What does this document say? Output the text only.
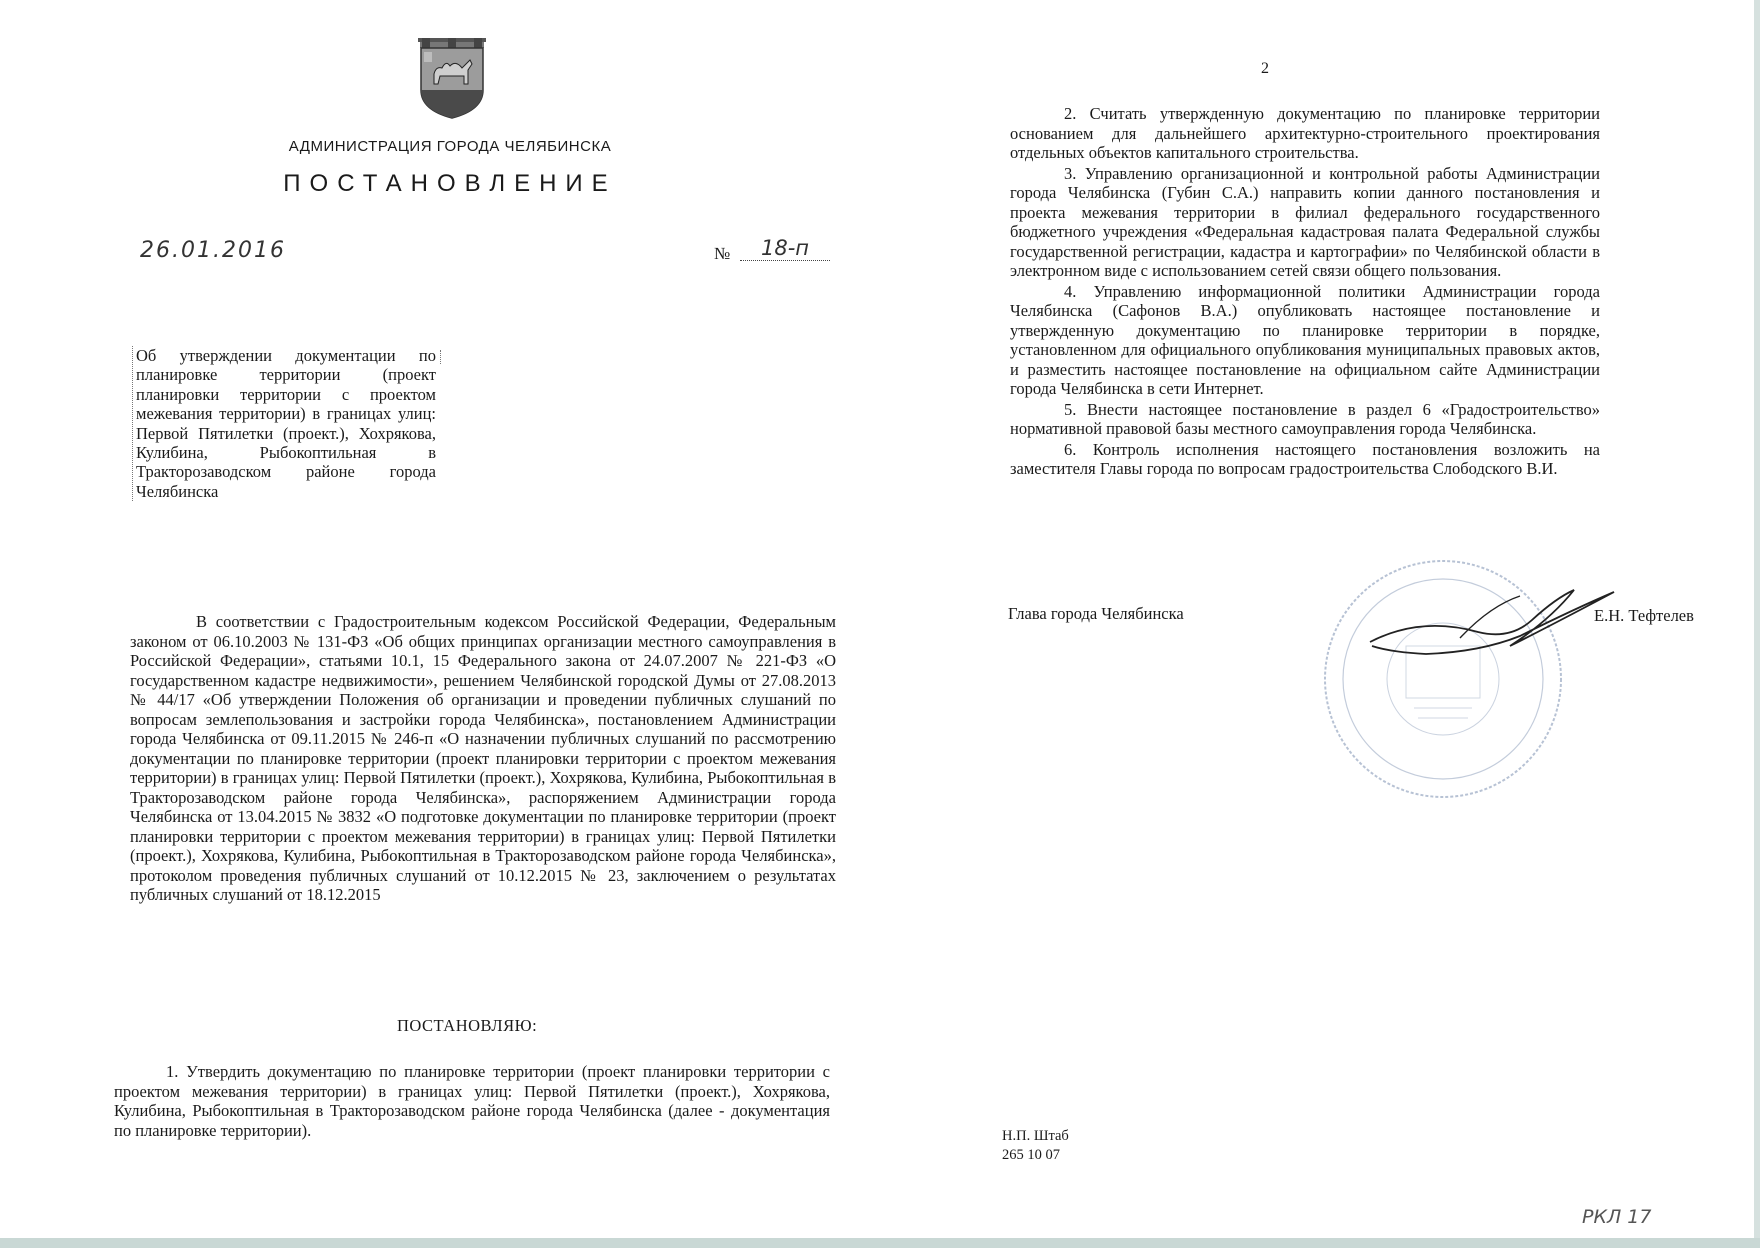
АДМИНИСТРАЦИЯ ГОРОДА ЧЕЛЯБИНСКА
ПОСТАНОВЛЕНИЕ
26.01.2016	№	18-п
Об утверждении документации по планировке территории (проект планировки территории с проектом межевания территории) в границах улиц: Первой Пятилетки (проект.), Хохрякова, Кулибина, Рыбокоптильная в Тракторозаводском районе города Челябинска
В соответствии с Градостроительным кодексом Российской Федерации, Федеральным законом от 06.10.2003 № 131-ФЗ «Об общих принципах организации местного самоуправления в Российской Федерации», статьями 10.1, 15 Федерального закона от 24.07.2007 № 221-ФЗ «О государственном кадастре недвижимости», решением Челябинской городской Думы от 27.08.2013 № 44/17 «Об утверждении Положения об организации и проведении публичных слушаний по вопросам землепользования и застройки города Челябинска», постановлением Администрации города Челябинска от 09.11.2015 № 246-п «О назначении публичных слушаний по рассмотрению документации по планировке территории (проект планировки территории с проектом межевания территории) в границах улиц: Первой Пятилетки (проект.), Хохрякова, Кулибина, Рыбокоптильная в Тракторозаводском районе города Челябинска», распоряжением Администрации города Челябинска от 13.04.2015 № 3832 «О подготовке документации по планировке территории (проект планировки территории с проектом межевания территории) в границах улиц: Первой Пятилетки (проект.), Хохрякова, Кулибина, Рыбокоптильная в Тракторозаводском районе города Челябинска», протоколом проведения публичных слушаний от 10.12.2015 № 23, заключением о результатах публичных слушаний от 18.12.2015
ПОСТАНОВЛЯЮ:
1. Утвердить документацию по планировке территории (проект планировки территории с проектом межевания территории) в границах улиц: Первой Пятилетки (проект.), Хохрякова, Кулибина, Рыбокоптильная в Тракторозаводском районе города Челябинска (далее - документация по планировке территории).
2

2. Считать утвержденную документацию по планировке территории основанием для дальнейшего архитектурно-строительного проектирования отдельных объектов капитального строительства.

3. Управлению организационной и контрольной работы Администрации города Челябинска (Губин С.А.) направить копии данного постановления и проекта межевания территории в филиал федерального государственного бюджетного учреждения «Федеральная кадастровая палата Федеральной службы государственной регистрации, кадастра и картографии» по Челябинской области в электронном виде с использованием сетей связи общего пользования.

4. Управлению информационной политики Администрации города Челябинска (Сафонов В.А.) опубликовать настоящее постановление и утвержденную документацию по планировке территории в порядке, установленном для официального опубликования муниципальных правовых актов, и разместить настоящее постановление на официальном сайте Администрации города Челябинска в сети Интернет.

5. Внести настоящее постановление в раздел 6 «Градостроительство» нормативной правовой базы местного самоуправления города Челябинска.

6. Контроль исполнения настоящего постановления возложить на заместителя Главы города по вопросам градостроительства Слободского В.И.

Глава города Челябинска	Е.Н. Тефтелев
Н.П. Штаб
265 10 07
РКЛ 17
